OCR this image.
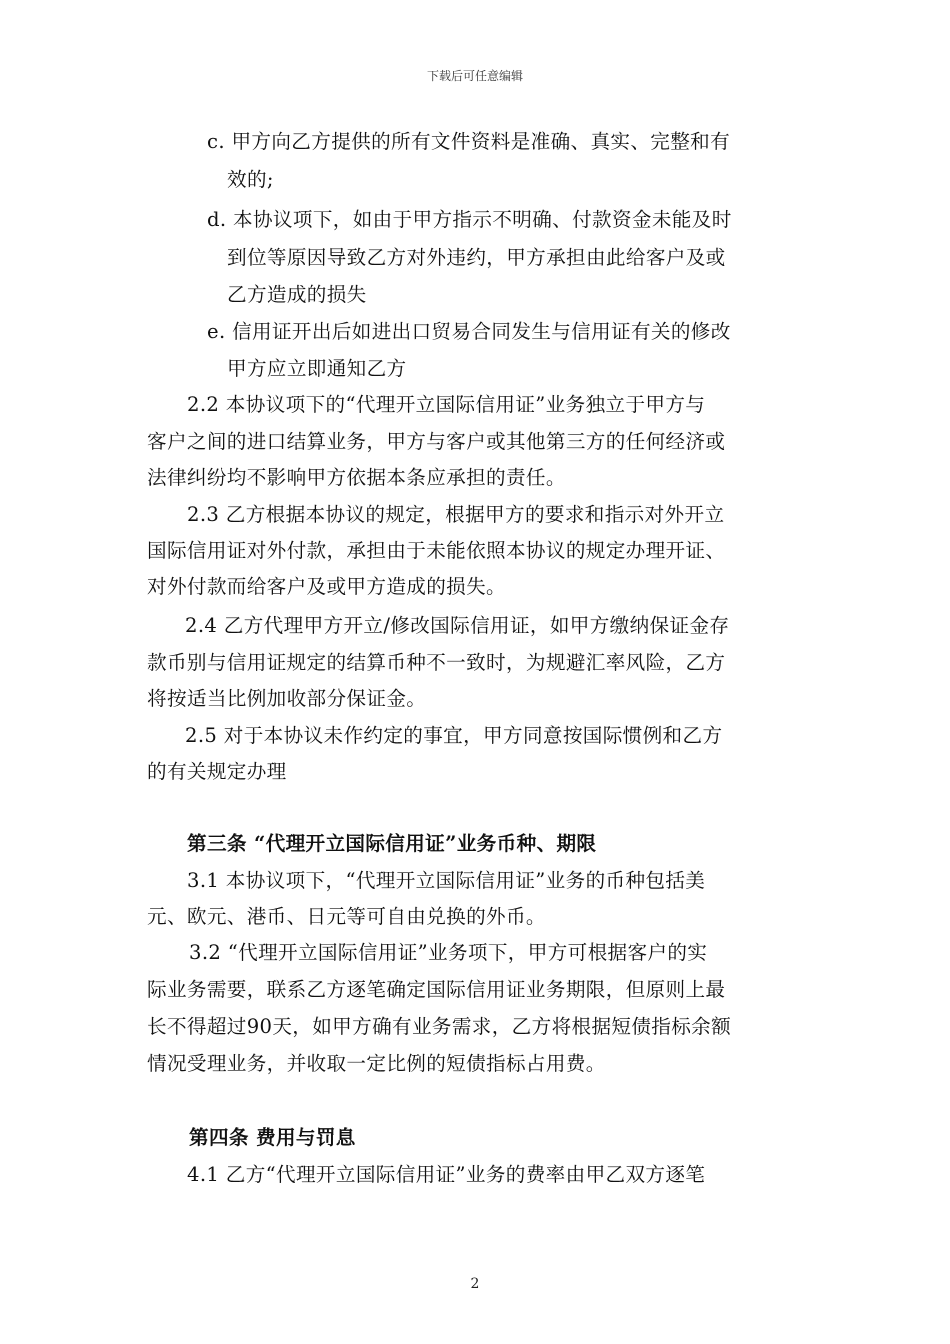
下载后可任意编辑
c. 甲方向乙方提供的所有文件资料是准确、真实、完整和有
效的;
d. 本协议项下，如由于甲方指示不明确、付款资金未能及时
到位等原因导致乙方对外违约，甲方承担由此给客户及或
乙方造成的损失
e. 信用证开出后如进出口贸易合同发生与信用证有关的修改
甲方应立即通知乙方
2.2 本协议项下的“代理开立国际信用证”业务独立于甲方与
客户之间的进口结算业务，甲方与客户或其他第三方的任何经济或
法律纠纷均不影响甲方依据本条应承担的责任。
2.3 乙方根据本协议的规定，根据甲方的要求和指示对外开立
国际信用证对外付款，承担由于未能依照本协议的规定办理开证、
对外付款而给客户及或甲方造成的损失。
2.4 乙方代理甲方开立/修改国际信用证，如甲方缴纳保证金存
款币别与信用证规定的结算币种不一致时，为规避汇率风险，乙方
将按适当比例加收部分保证金。
2.5 对于本协议未作约定的事宜，甲方同意按国际惯例和乙方
的有关规定办理
第三条 “代理开立国际信用证”业务币种、期限
3.1 本协议项下，“代理开立国际信用证”业务的币种包括美
元、欧元、港币、日元等可自由兑换的外币。
3.2 “代理开立国际信用证”业务项下，甲方可根据客户的实
际业务需要，联系乙方逐笔确定国际信用证业务期限，但原则上最
长不得超过90天，如甲方确有业务需求，乙方将根据短债指标余额
情况受理业务，并收取一定比例的短债指标占用费。
第四条 费用与罚息
4.1 乙方“代理开立国际信用证”业务的费率由甲乙双方逐笔
2
